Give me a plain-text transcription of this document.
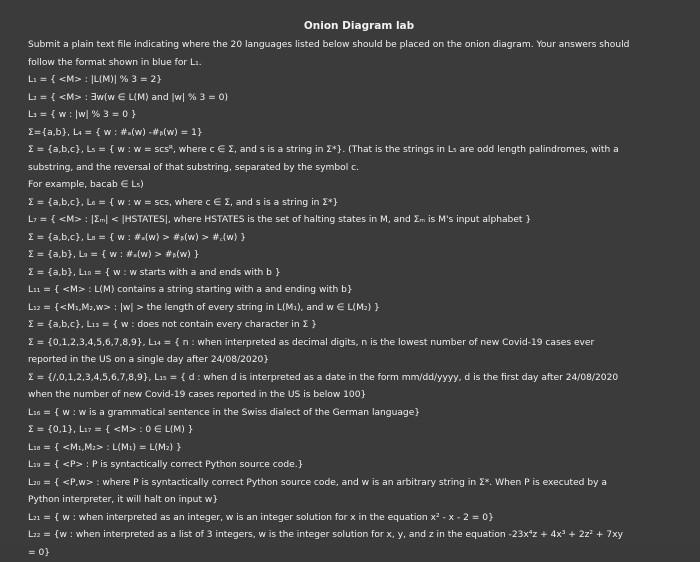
Onion Diagram lab
Submit a plain text file indicating where the 20 languages listed below should be placed on the onion diagram. Your answers should
follow the format shown in blue for L₁.
L₁ = { <M> : |L(M)| % 3 = 2}
L₂ = { <M> : ∃w(w ∈ L(M) and |w| % 3 = 0)
L₃ = { w : |w| % 3 = 0 }
Σ={a,b}, L₄ = { w : #ₐ(w) -#ᵦ(w) = 1}
Σ = {a,b,c}, L₅ = { w : w = scsᴿ, where c ∈ Σ, and s is a string in Σ*}. (That is the strings in L₅ are odd length palindromes, with a
substring, and the reversal of that substring, separated by the symbol c.
For example, bacab ∈ L₅)
Σ = {a,b,c}, L₆ = { w : w = scs, where c ∈ Σ, and s is a string in Σ*}
L₇ = { <M> : |Σₘ| < |HSTATES|, where HSTATES is the set of halting states in M, and Σₘ is M's input alphabet }
Σ = {a,b,c}, L₈ = { w : #ₐ(w) > #ᵦ(w) > #꜀(w) }
Σ = {a,b}, L₉ = { w : #ₐ(w) > #ᵦ(w) }
Σ = {a,b}, L₁₀ = { w : w starts with a and ends with b }
L₁₁ = { <M> : L(M) contains a string starting with a and ending with b}
L₁₂ = {<M₁,M₂,w> : |w| > the length of every string in L(M₁), and w ∈ L(M₂) }
Σ = {a,b,c}, L₁₃ = { w : does not contain every character in Σ }
Σ = {0,1,2,3,4,5,6,7,8,9}, L₁₄ = { n : when interpreted as decimal digits, n is the lowest number of new Covid-19 cases ever
reported in the US on a single day after 24/08/2020}
Σ = {/,0,1,2,3,4,5,6,7,8,9}, L₁₅ = { d : when d is interpreted as a date in the form mm/dd/yyyy, d is the first day after 24/08/2020
when the number of new Covid-19 cases reported in the US is below 100}
L₁₆ = { w : w is a grammatical sentence in the Swiss dialect of the German language}
Σ = {0,1}, L₁₇ = { <M> : 0 ∈ L(M) }
L₁₈ = { <M₁,M₂> : L(M₁) = L(M₂) }
L₁₉ = { <P> : P is syntactically correct Python source code.}
L₂₀ = { <P,w> : where P is syntactically correct Python source code, and w is an arbitrary string in Σ*. When P is executed by a
Python interpreter, it will halt on input w}
L₂₁ = { w : when interpreted as an integer, w is an integer solution for x in the equation x² - x - 2 = 0}
L₂₂ = {w : when interpreted as a list of 3 integers, w is the integer solution for x, y, and z in the equation -23x⁴z + 4x³ + 2z² + 7xy
= 0}
